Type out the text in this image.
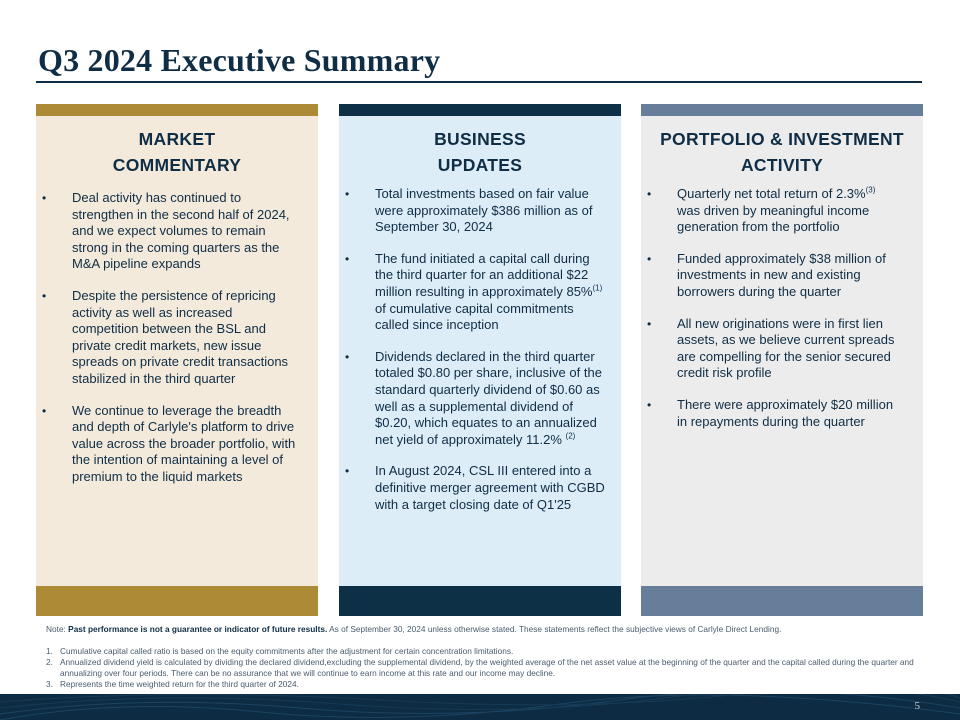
Q3 2024 Executive Summary
MARKET
COMMENTARY
• Deal activity has continued to strengthen in the second half of 2024, and we expect volumes to remain strong in the coming quarters as the M&A pipeline expands
• Despite the persistence of repricing activity as well as increased competition between the BSL and private credit markets, new issue spreads on private credit transactions stabilized in the third quarter
• We continue to leverage the breadth and depth of Carlyle's platform to drive value across the broader portfolio, with the intention of maintaining a level of premium to the liquid markets
BUSINESS
UPDATES
• Total investments based on fair value were approximately $386 million as of September 30, 2024
• The fund initiated a capital call during the third quarter for an additional $22 million resulting in approximately 85%$^{(1)}$ of cumulative capital commitments called since inception
• Dividends declared in the third quarter totaled $0.80 per share, inclusive of the standard quarterly dividend of $0.60 as well as a supplemental dividend of $0.20, which equates to an annualized net yield of approximately 11.2% $^{(2)}$
• In August 2024, CSL III entered into a definitive merger agreement with CGBD with a target closing date of Q1'25
PORTFOLIO & INVESTMENT
ACTIVITY
• Quarterly net total return of 2.3%$^{(3)}$ was driven by meaningful income generation from the portfolio
• Funded approximately $38 million of investments in new and existing borrowers during the quarter
• All new originations were in first lien assets, as we believe current spreads are compelling for the senior secured credit risk profile
• There were approximately $20 million in repayments during the quarter
Note: Past performance is not a guarantee or indicator of future results. As of September 30, 2024 unless otherwise stated. These statements reflect the subjective views of Carlyle Direct Lending.
1. Cumulative capital called ratio is based on the equity commitments after the adjustment for certain concentration limitations.
2. Annualized dividend yield is calculated by dividing the declared dividend,excluding the supplemental dividend, by the weighted average of the net asset value at the beginning of the quarter and the capital called during the quarter and annualizing over four periods. There can be no assurance that we will continue to earn income at this rate and our income may decline.
3. Represents the time weighted return for the third quarter of 2024.
5
